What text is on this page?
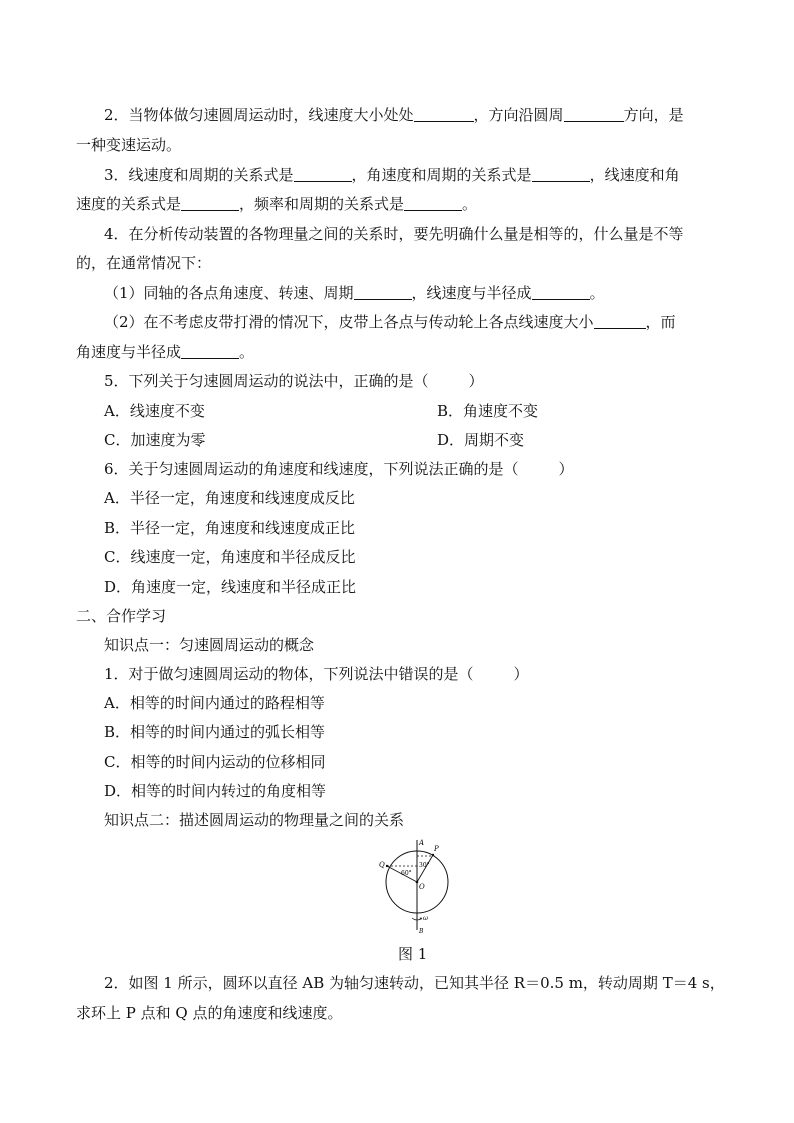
2．当物体做匀速圆周运动时，线速度大小处处	，方向沿圆周	方向，是
一种变速运动。
3．线速度和周期的关系式是	，角速度和周期的关系式是	，线速度和角
速度的关系式是	，频率和周期的关系式是	。
4．在分析传动装置的各物理量之间的关系时，要先明确什么量是相等的，什么量是不等
的，在通常情况下：
（1）同轴的各点角速度、转速、周期	，线速度与半径成	。
（2）在不考虑皮带打滑的情况下，皮带上各点与传动轮上各点线速度大小	，而
角速度与半径成	。
5．下列关于匀速圆周运动的说法中，正确的是（	）
A．线速度不变	B．角速度不变
C．加速度为零	D．周期不变
6．关于匀速圆周运动的角速度和线速度，下列说法正确的是（	）
A．半径一定，角速度和线速度成反比
B．半径一定，角速度和线速度成正比
C．线速度一定，角速度和半径成反比
D．角速度一定，线速度和半径成正比
二、合作学习
知识点一：匀速圆周运动的概念
1．对于做匀速圆周运动的物体，下列说法中错误的是（	）
A．相等的时间内通过的路程相等
B．相等的时间内通过的弧长相等
C．相等的时间内运动的位移相同
D．相等的时间内转过的角度相等
知识点二：描述圆周运动的物理量之间的关系
A
P
Q
O
B
30°
60°
ω
图 1
2．如图 1 所示，圆环以直径 AB 为轴匀速转动，已知其半径 R＝0.5 m，转动周期 T＝4 s，
求环上 P 点和 Q 点的角速度和线速度。
